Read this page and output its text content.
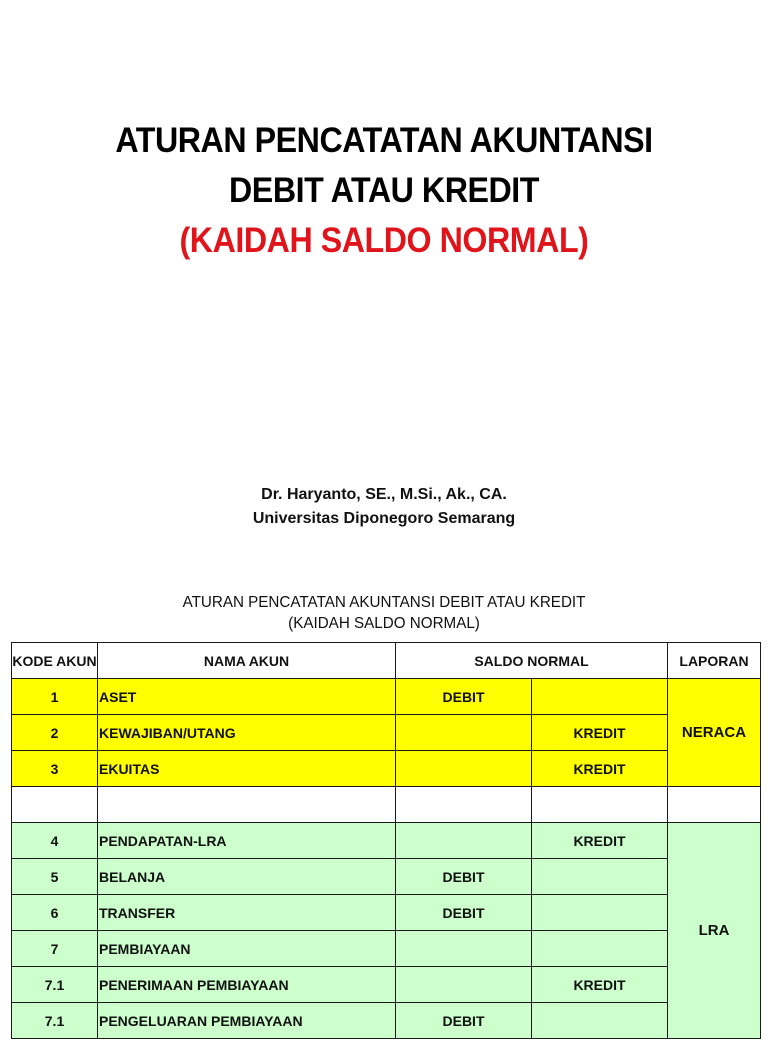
ATURAN PENCATATAN AKUNTANSI
DEBIT ATAU KREDIT
(KAIDAH SALDO NORMAL)
Dr. Haryanto, SE., M.Si., Ak., CA.
Universitas Diponegoro Semarang
ATURAN PENCATATAN AKUNTANSI DEBIT ATAU KREDIT
(KAIDAH SALDO NORMAL)
KODE AKUN	NAMA AKUN	SALDO NORMAL		LAPORAN
1	ASET	DEBIT		NERACA
2	KEWAJIBAN/UTANG		KREDIT	
3	EKUITAS		KREDIT	

4	PENDAPATAN-LRA		KREDIT	LRA
5	BELANJA	DEBIT		
6	TRANSFER	DEBIT		
7	PEMBIAYAAN			
7.1	PENERIMAAN PEMBIAYAAN		KREDIT	
7.1	PENGELUARAN PEMBIAYAAN	DEBIT		
